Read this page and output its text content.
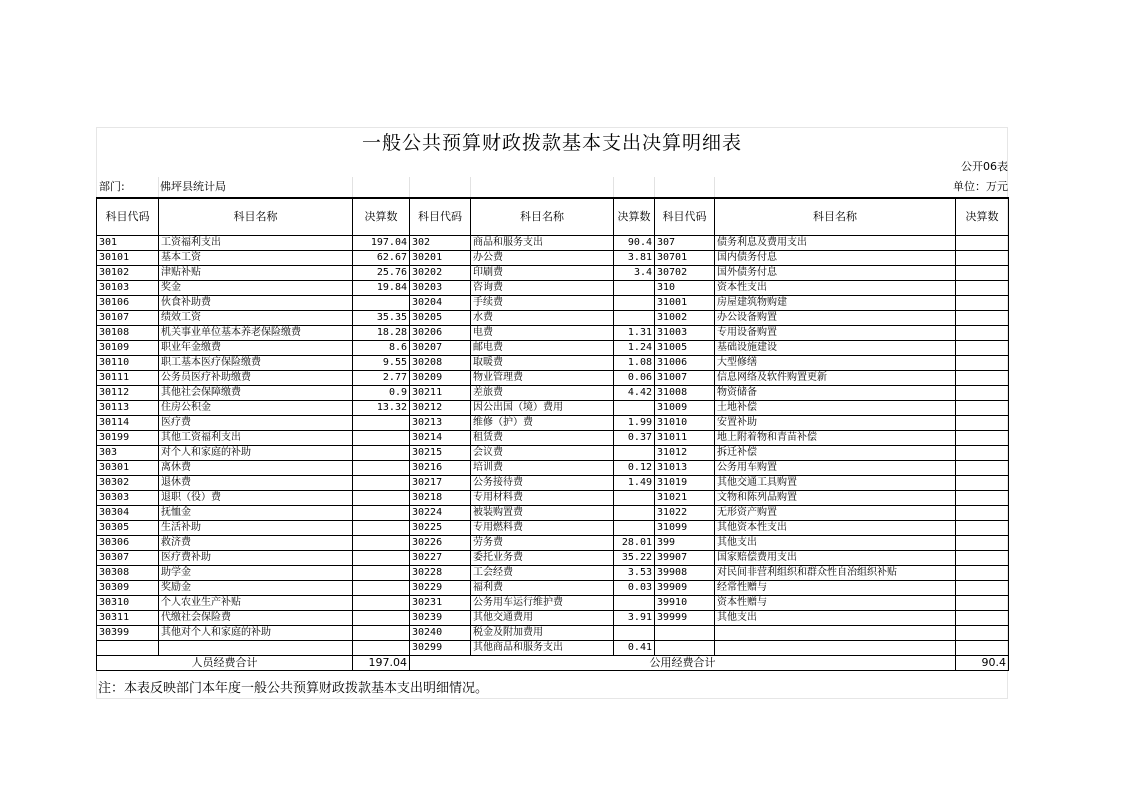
一般公共预算财政拨款基本支出决算明细表
公开06表
部门:	佛坪县统计局	单位：万元
科目代码	科目名称	决算数	科目代码	科目名称	决算数	科目代码	科目名称	决算数
301	工资福利支出	197.04	302	商品和服务支出	90.4	307	债务利息及费用支出	
30101	基本工资	62.67	30201	办公费	3.81	30701	国内债务付息	
30102	津贴补贴	25.76	30202	印刷费	3.4	30702	国外债务付息	
30103	奖金	19.84	30203	咨询费		310	资本性支出	
30106	伙食补助费		30204	手续费		31001	房屋建筑物购建	
30107	绩效工资	35.35	30205	水费		31002	办公设备购置	
30108	机关事业单位基本养老保险缴费	18.28	30206	电费	1.31	31003	专用设备购置	
30109	职业年金缴费	8.6	30207	邮电费	1.24	31005	基础设施建设	
30110	职工基本医疗保险缴费	9.55	30208	取暖费	1.08	31006	大型修缮	
30111	公务员医疗补助缴费	2.77	30209	物业管理费	0.06	31007	信息网络及软件购置更新	
30112	其他社会保障缴费	0.9	30211	差旅费	4.42	31008	物资储备	
30113	住房公积金	13.32	30212	因公出国（境）费用		31009	土地补偿	
30114	医疗费		30213	维修（护）费	1.99	31010	安置补助	
30199	其他工资福利支出		30214	租赁费	0.37	31011	地上附着物和青苗补偿	
303	对个人和家庭的补助		30215	会议费		31012	拆迁补偿	
30301	离休费		30216	培训费	0.12	31013	公务用车购置	
30302	退休费		30217	公务接待费	1.49	31019	其他交通工具购置	
30303	退职（役）费		30218	专用材料费		31021	文物和陈列品购置	
30304	抚恤金		30224	被装购置费		31022	无形资产购置	
30305	生活补助		30225	专用燃料费		31099	其他资本性支出	
30306	救济费		30226	劳务费	28.01	399	其他支出	
30307	医疗费补助		30227	委托业务费	35.22	39907	国家赔偿费用支出	
30308	助学金		30228	工会经费	3.53	39908	对民间非营利组织和群众性自治组织补贴	
30309	奖励金		30229	福利费	0.03	39909	经常性赠与	
30310	个人农业生产补贴		30231	公务用车运行维护费		39910	资本性赠与	
30311	代缴社会保险费		30239	其他交通费用	3.91	39999	其他支出	
30399	其他对个人和家庭的补助		30240	税金及附加费用				
			30299	其他商品和服务支出	0.41			
人员经费合计		197.04	公用经费合计					90.4
注：本表反映部门本年度一般公共预算财政拨款基本支出明细情况。
